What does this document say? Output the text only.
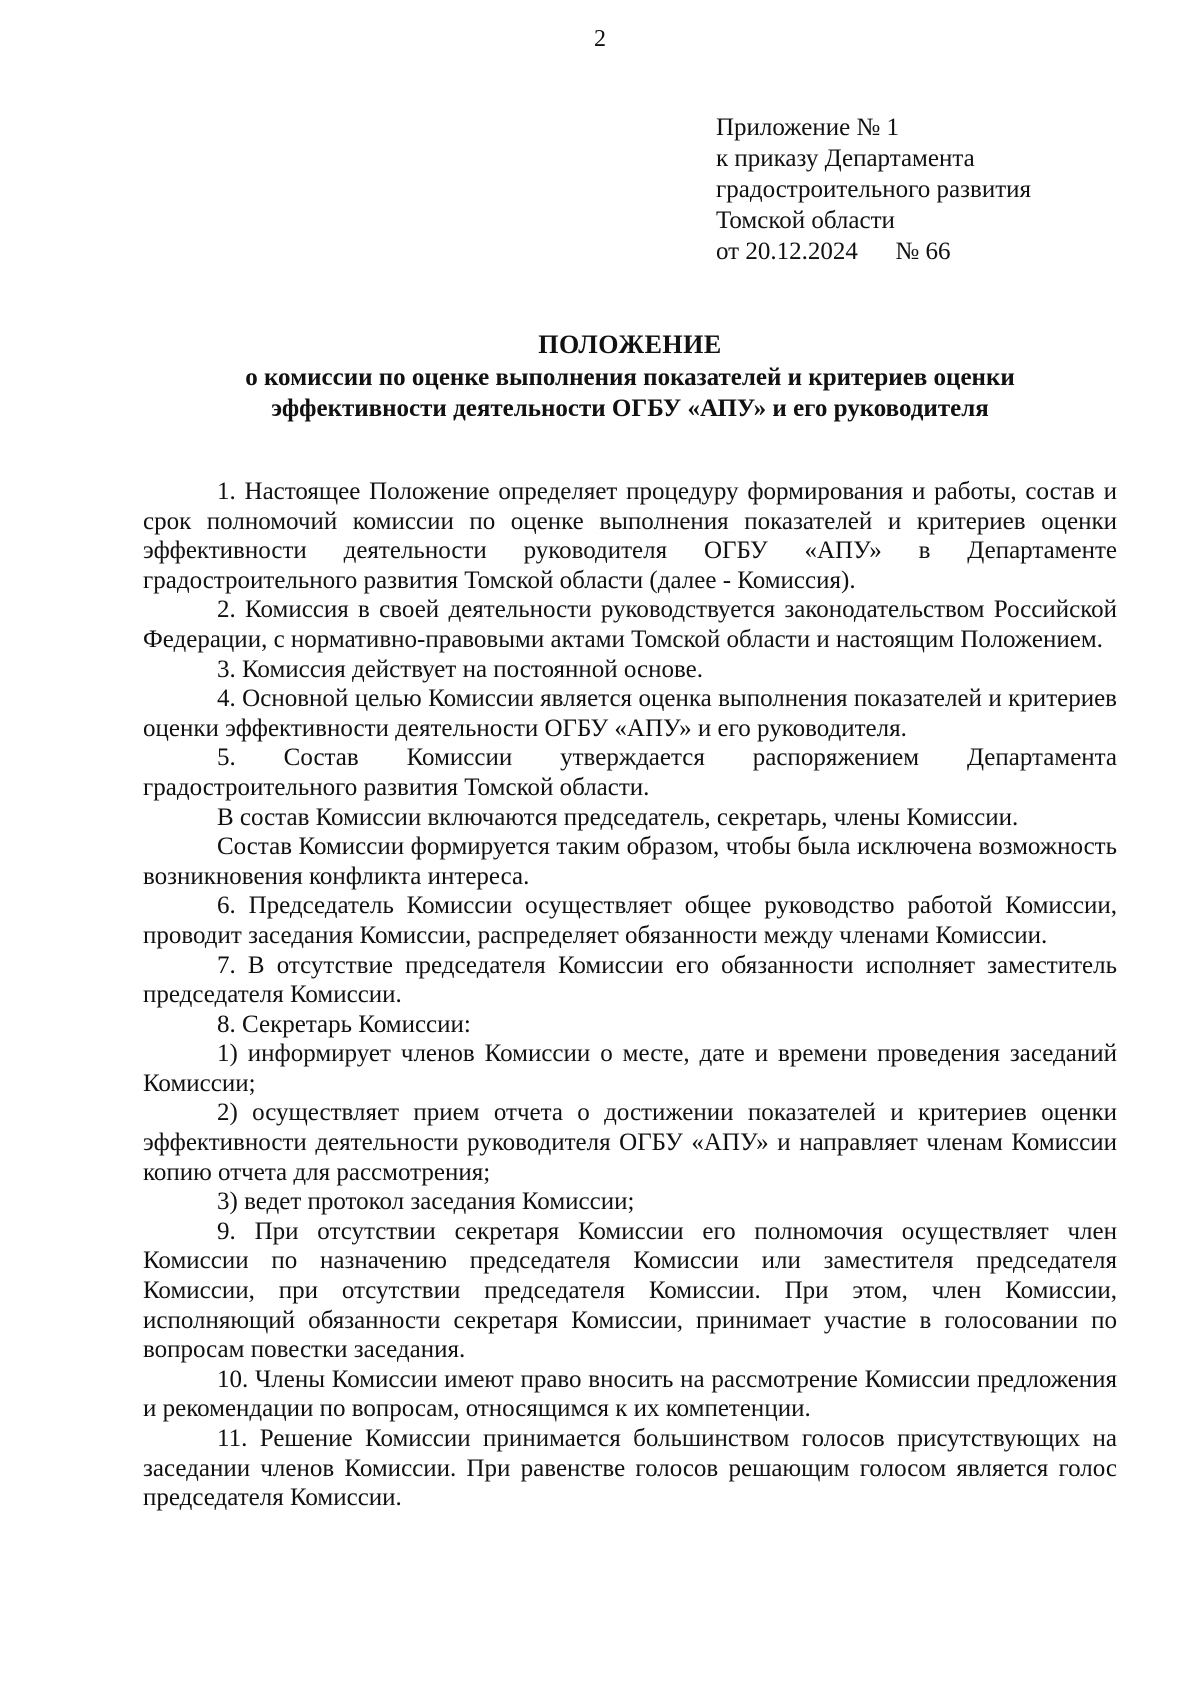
2
Приложение № 1
к приказу Департамента
градостроительного развития
Томской области
от 20.12.2024      № 66
ПОЛОЖЕНИЕ
о комиссии по оценке выполнения показателей и критериев оценки
эффективности деятельности ОГБУ «АПУ» и его руководителя

1. Настоящее Положение определяет процедуру формирования и работы, состав и срок полномочий комиссии по оценке выполнения показателей и критериев оценки эффективности деятельности руководителя ОГБУ «АПУ» в Департаменте градостроительного развития Томской области (далее - Комиссия).

2. Комиссия в своей деятельности руководствуется законодательством Российской Федерации, с нормативно-правовыми актами Томской области и настоящим Положением.

3. Комиссия действует на постоянной основе.

4. Основной целью Комиссии является оценка выполнения показателей и критериев оценки эффективности деятельности ОГБУ «АПУ» и его руководителя.

5. Состав Комиссии утверждается распоряжением Департамента градостроительного развития Томской области.

В состав Комиссии включаются председатель, секретарь, члены Комиссии.

Состав Комиссии формируется таким образом, чтобы была исключена возможность возникновения конфликта интереса.

6. Председатель Комиссии осуществляет общее руководство работой Комиссии, проводит заседания Комиссии, распределяет обязанности между членами Комиссии.

7. В отсутствие председателя Комиссии его обязанности исполняет заместитель председателя Комиссии.

8. Секретарь Комиссии:

1) информирует членов Комиссии о месте, дате и времени проведения заседаний Комиссии;

2) осуществляет прием отчета о достижении показателей и критериев оценки эффективности деятельности руководителя ОГБУ «АПУ» и направляет членам Комиссии копию отчета для рассмотрения;

3) ведет протокол заседания Комиссии;

9. При отсутствии секретаря Комиссии его полномочия осуществляет член Комиссии по назначению председателя Комиссии или заместителя председателя Комиссии, при отсутствии председателя Комиссии. При этом, член Комиссии, исполняющий обязанности секретаря Комиссии, принимает участие в голосовании по вопросам повестки заседания.

10. Члены Комиссии имеют право вносить на рассмотрение Комиссии предложения и рекомендации по вопросам, относящимся к их компетенции.

11. Решение Комиссии принимается большинством голосов присутствующих на заседании членов Комиссии. При равенстве голосов решающим голосом является голос председателя Комиссии.
